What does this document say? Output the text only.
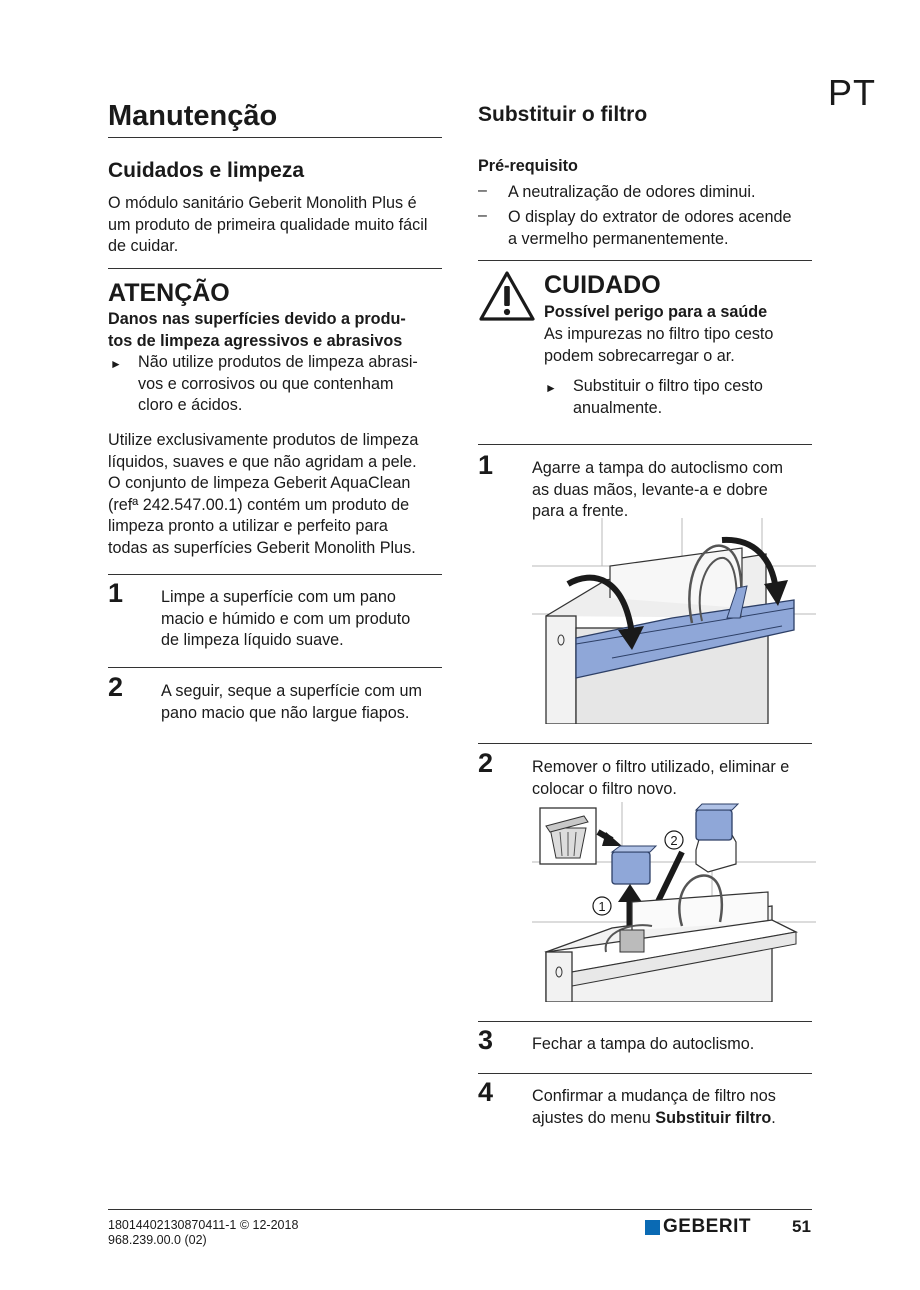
PT
Manutenção
Cuidados e limpeza
O módulo sanitário Geberit Monolith Plus é
um produto de primeira qualidade muito fácil
de cuidar.
ATENÇÃO
Danos nas superfícies devido a produ-
tos de limpeza agressivos e abrasivos
► Não utilize produtos de limpeza abrasi-
vos e corrosivos ou que contenham
cloro e ácidos.
Utilize exclusivamente produtos de limpeza
líquidos, suaves e que não agridam a pele.
O conjunto de limpeza Geberit AquaClean
(refª 242.547.00.1) contém um produto de
limpeza pronto a utilizar e perfeito para
todas as superfícies Geberit Monolith Plus.
1 Limpe a superfície com um pano
macio e húmido e com um produto
de limpeza líquido suave.
2 A seguir, seque a superfície com um
pano macio que não largue fiapos.
Substituir o filtro
Pré-requisito
– A neutralização de odores diminui.
– O display do extrator de odores acende
a vermelho permanentemente.
CUIDADO
Possível perigo para a saúde
As impurezas no filtro tipo cesto
podem sobrecarregar o ar.
► Substituir o filtro tipo cesto
anualmente.
1 Agarre a tampa do autoclismo com
as duas mãos, levante-a e dobre
para a frente.
2 Remover o filtro utilizado, eliminar e
colocar o filtro novo.
2
1
3 Fechar a tampa do autoclismo.
4 Confirmar a mudança de filtro nos
ajustes do menu Substituir filtro.
18014402130870411-1 © 12-2018
968.239.00.0 (02)
GEBERIT 51
